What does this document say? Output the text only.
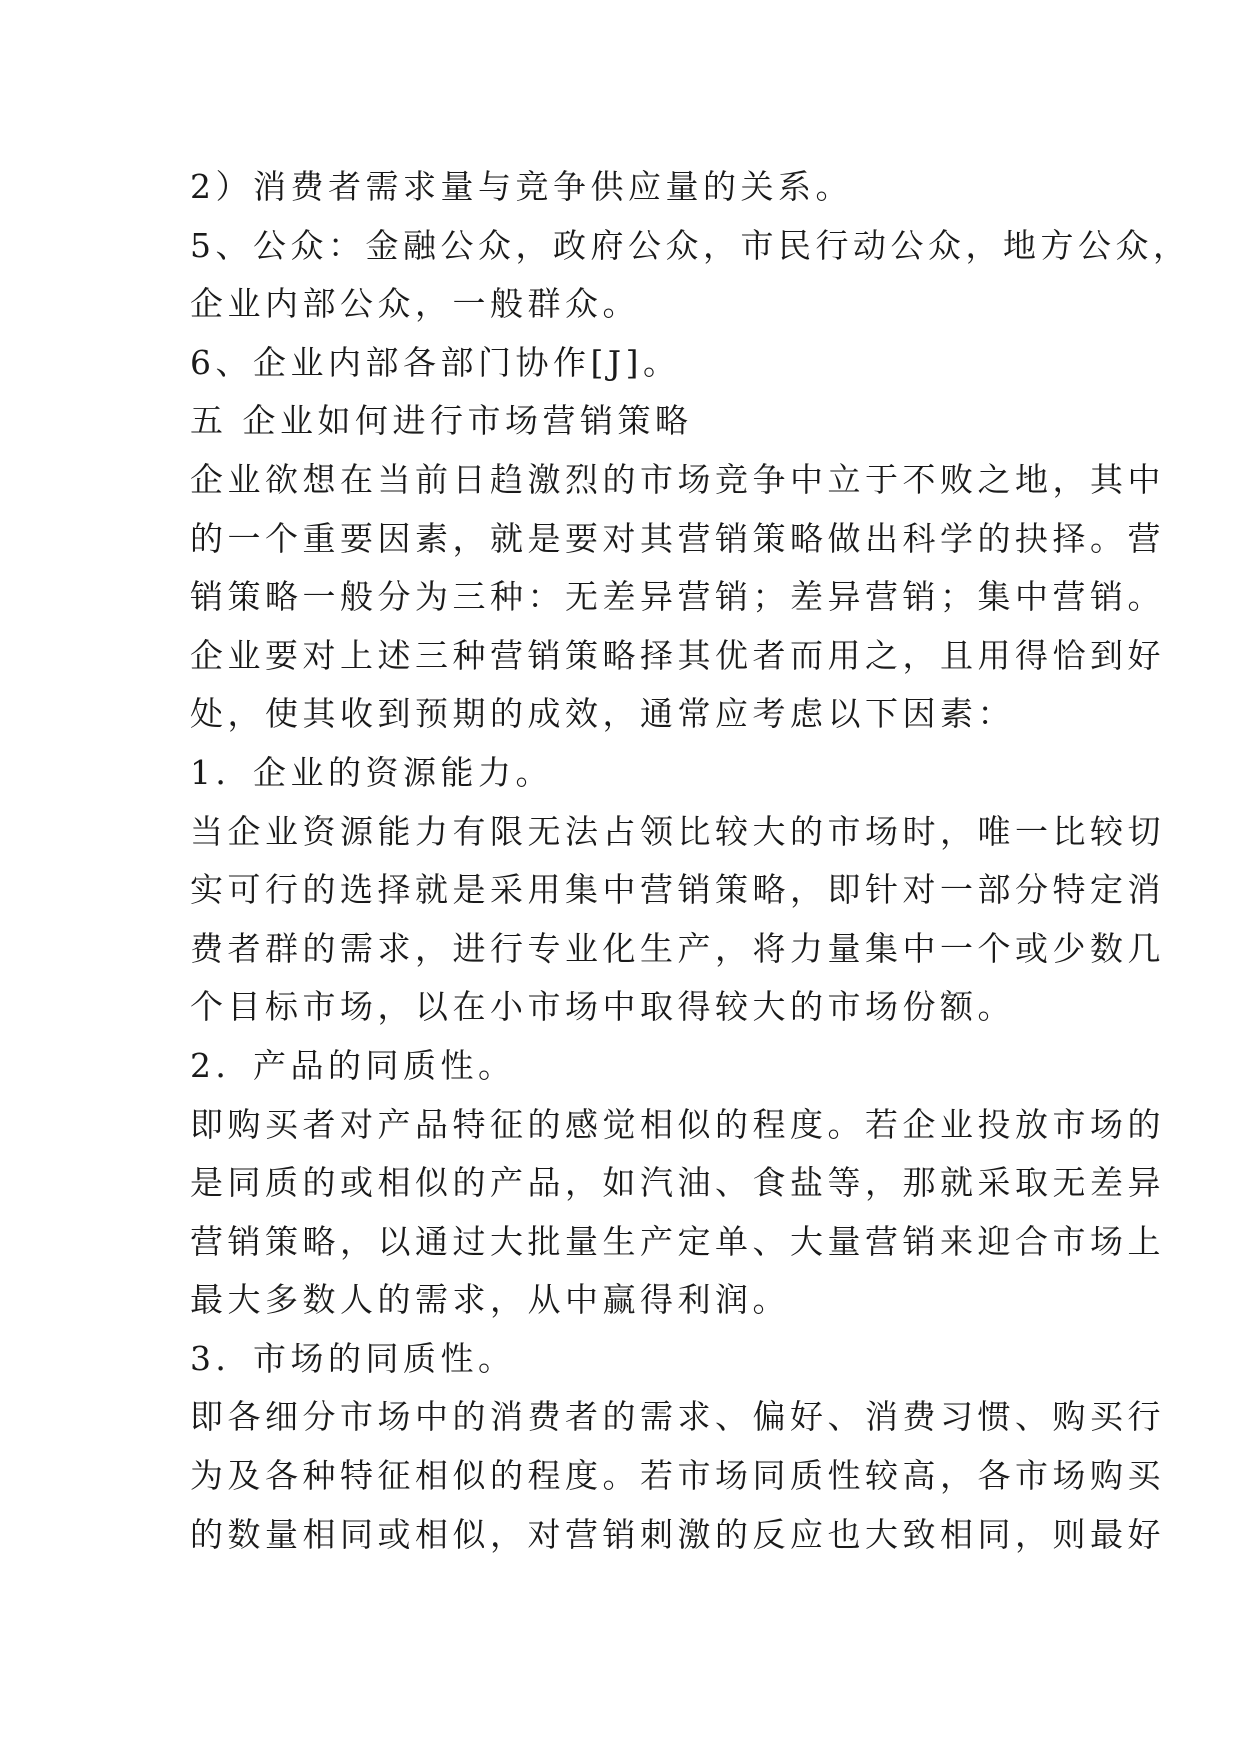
2）消费者需求量与竞争供应量的关系。
5、公众：金融公众，政府公众，市民行动公众，地方公众，
企业内部公众，一般群众。
6、企业内部各部门协作[J]。
五 企业如何进行市场营销策略
企业欲想在当前日趋激烈的市场竞争中立于不败之地，其中
的一个重要因素，就是要对其营销策略做出科学的抉择。营
销策略一般分为三种：无差异营销；差异营销；集中营销。
企业要对上述三种营销策略择其优者而用之，且用得恰到好
处，使其收到预期的成效，通常应考虑以下因素：
1．企业的资源能力。
当企业资源能力有限无法占领比较大的市场时，唯一比较切
实可行的选择就是采用集中营销策略，即针对一部分特定消
费者群的需求，进行专业化生产，将力量集中一个或少数几
个目标市场，以在小市场中取得较大的市场份额。
2．产品的同质性。
即购买者对产品特征的感觉相似的程度。若企业投放市场的
是同质的或相似的产品，如汽油、食盐等，那就采取无差异
营销策略，以通过大批量生产定单、大量营销来迎合市场上
最大多数人的需求，从中赢得利润。
3．市场的同质性。
即各细分市场中的消费者的需求、偏好、消费习惯、购买行
为及各种特征相似的程度。若市场同质性较高，各市场购买
的数量相同或相似，对营销刺激的反应也大致相同，则最好
